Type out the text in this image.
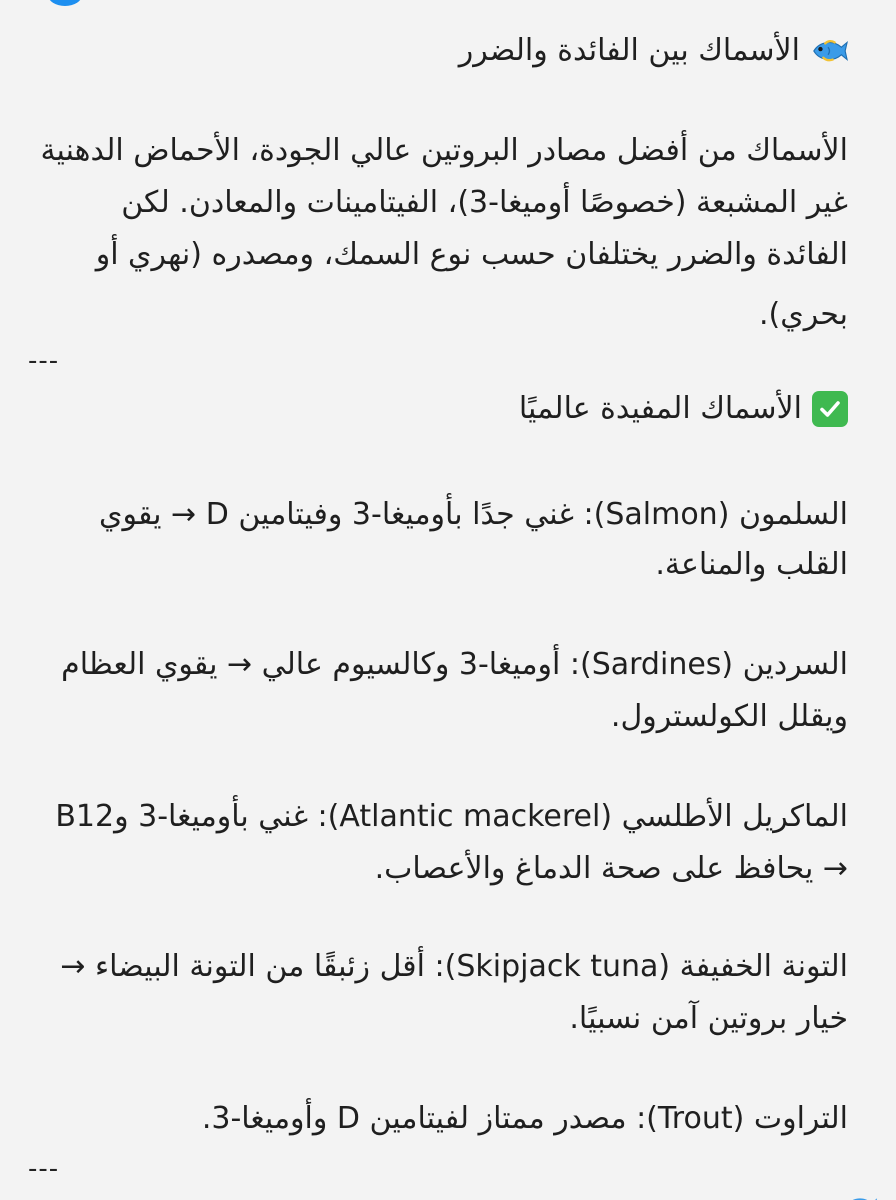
الأسماك بين الفائدة والضرر
الأسماك من أفضل مصادر البروتين عالي الجودة، الأحماض الدهنية
غير المشبعة (خصوصًا أوميغا-3)، الفيتامينات والمعادن. لكن
الفائدة والضرر يختلفان حسب نوع السمك، ومصدره (نهري أو
بحري).
---
الأسماك المفيدة عالميًا
السلمون (Salmon): غني جدًا بأوميغا-3 وفيتامين D → يقوي
القلب والمناعة.
السردين (Sardines): أوميغا-3 وكالسيوم عالي → يقوي العظام
ويقلل الكولسترول.
الماكريل الأطلسي (Atlantic mackerel): غني بأوميغا-3 وB12
→ يحافظ على صحة الدماغ والأعصاب.
التونة الخفيفة (Skipjack tuna): أقل زئبقًا من التونة البيضاء →
خيار بروتين آمن نسبيًا.
التراوت (Trout): مصدر ممتاز لفيتامين D وأوميغا-3.
---
